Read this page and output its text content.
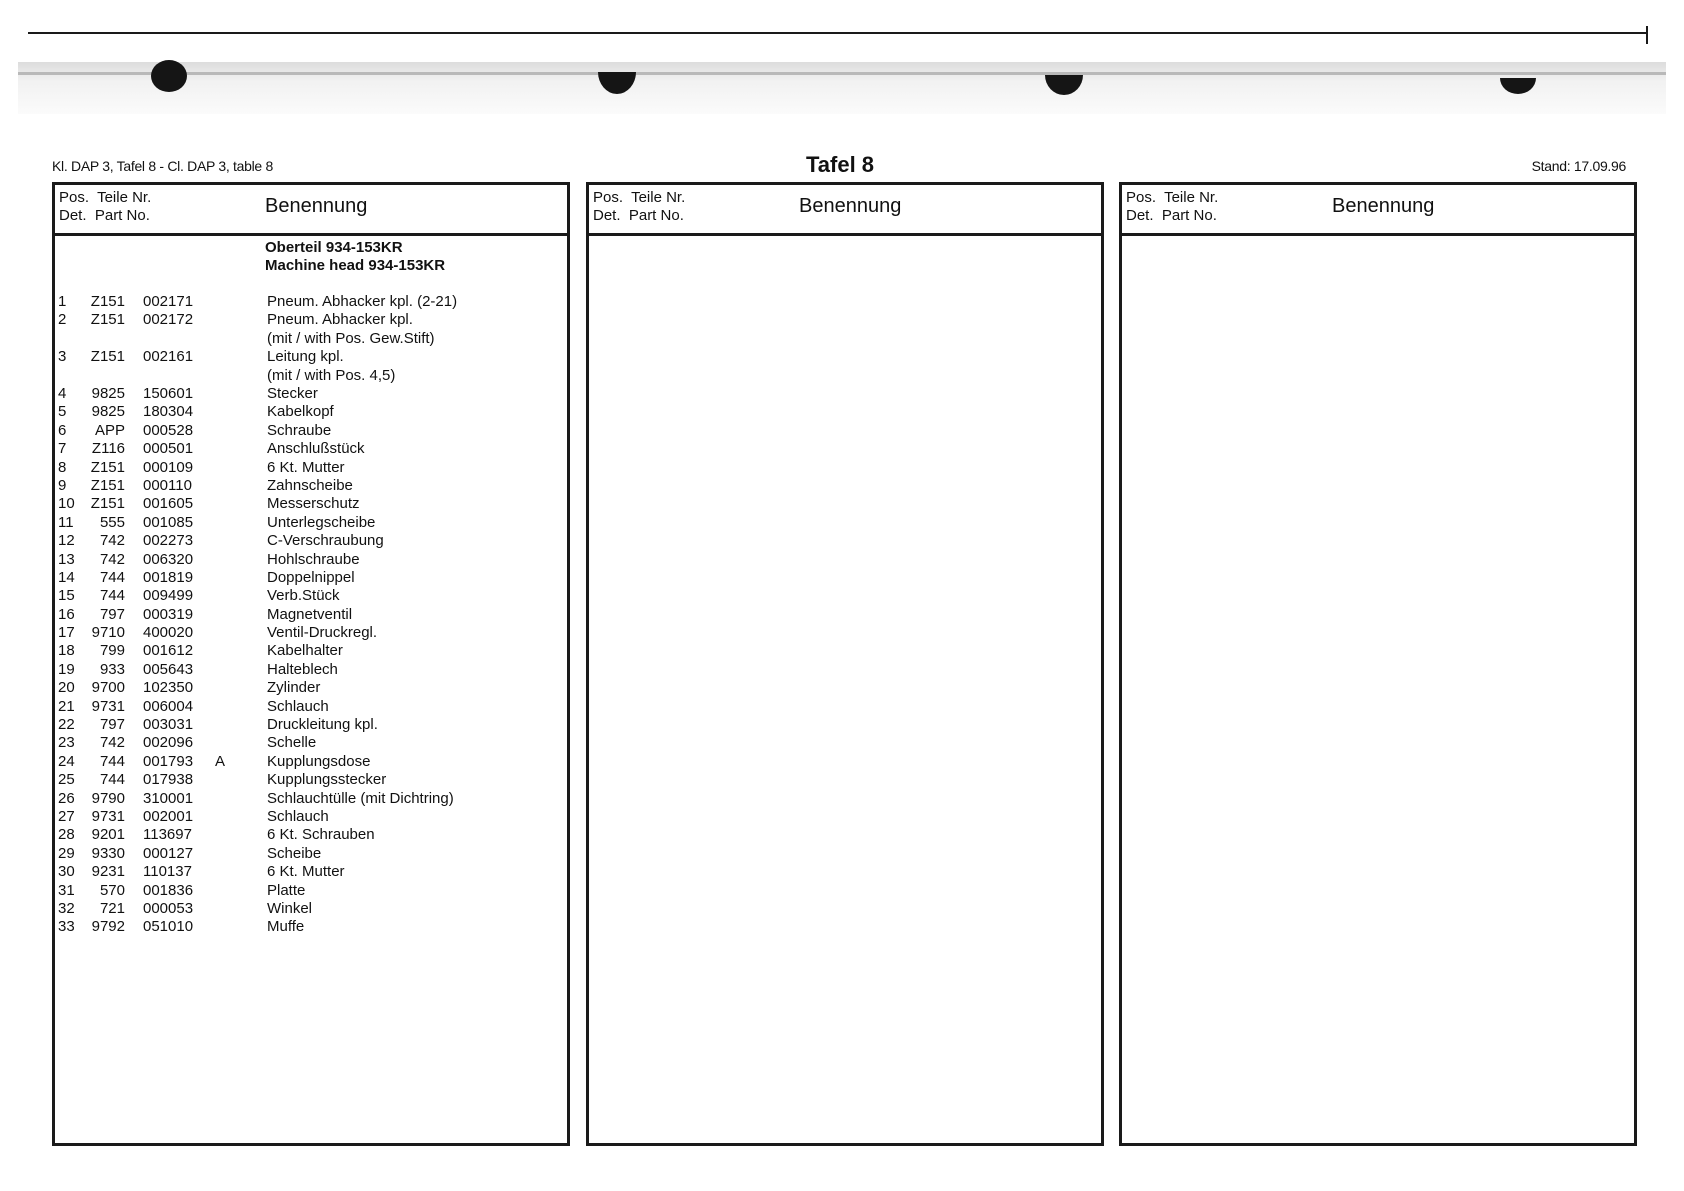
Kl. DAP 3, Tafel 8 - Cl. DAP 3, table 8	Tafel 8	Stand: 17.09.96
Pos.  Teile Nr.
Det.  Part No.	Benennung
Oberteil 934-153KR
Machine head 934-153KR
1	Z151 002171	Pneum. Abhacker kpl. (2-21)
2	Z151 002172	Pneum. Abhacker kpl.
(mit / with Pos. Gew.Stift)
3	Z151 002161	Leitung kpl.
(mit / with Pos. 4,5)
4	9825 150601	Stecker
5	9825 180304	Kabelkopf
6	APP 000528	Schraube
7	Z116 000501	Anschlußstück
8	Z151 000109	6 Kt. Mutter
9	Z151 000110	Zahnscheibe
10	Z151 001605	Messerschutz
11	555 001085	Unterlegscheibe
12	742 002273	C-Verschraubung
13	742 006320	Hohlschraube
14	744 001819	Doppelnippel
15	744 009499	Verb.Stück
16	797 000319	Magnetventil
17	9710 400020	Ventil-Druckregl.
18	799 001612	Kabelhalter
19	933 005643	Halteblech
20	9700 102350	Zylinder
21	9731 006004	Schlauch
22	797 003031	Druckleitung kpl.
23	742 002096	Schelle
24	744 001793 A	Kupplungsdose
25	744 017938	Kupplungsstecker
26	9790 310001	Schlauchtülle (mit Dichtring)
27	9731 002001	Schlauch
28	9201 113697	6 Kt. Schrauben
29	9330 000127	Scheibe
30	9231 110137	6 Kt. Mutter
31	570 001836	Platte
32	721 000053	Winkel
33	9792 051010	Muffe
Pos.  Teile Nr.
Det.  Part No.	Benennung	Pos.  Teile Nr.
Det.  Part No.	Benennung
